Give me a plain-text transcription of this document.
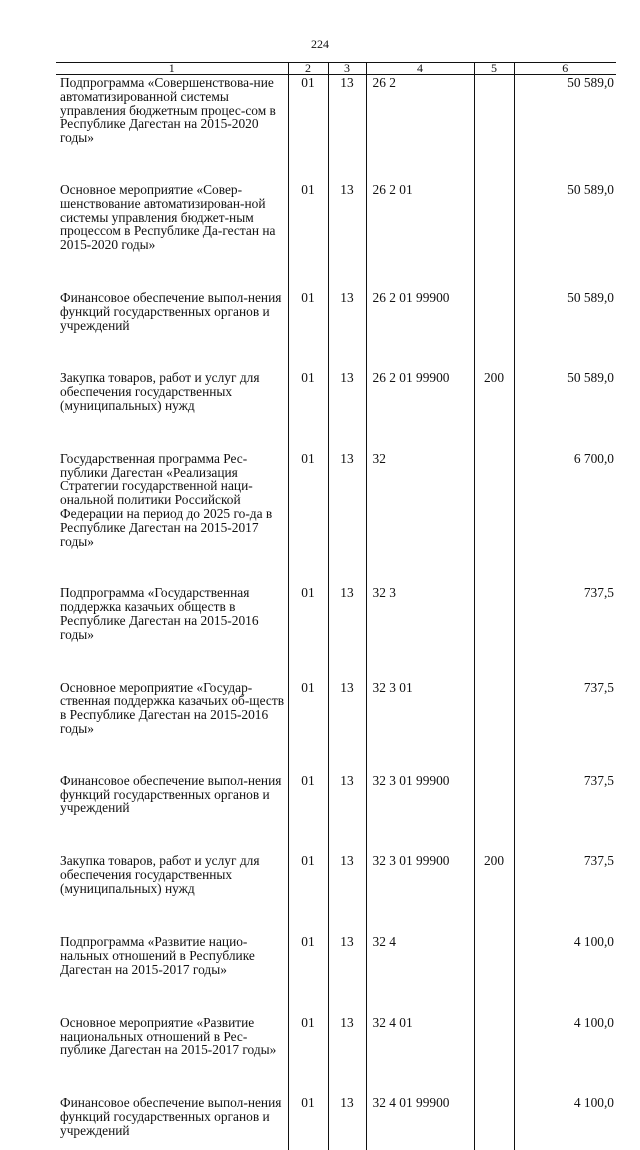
224
1	2	3	4	5	6
Подпрограмма «Совершенствова-ние автоматизированной системы управления бюджетным процес-сом в Республике Дагестан на 2015-2020 годы»	01	13	26 2		50 589,0

Основное мероприятие «Совер-шенствование автоматизирован-ной системы управления бюджет-ным процессом в Республике Да-гестан на 2015-2020 годы»	01	13	26 2 01		50 589,0

Финансовое обеспечение выпол-нения функций государственных органов и учреждений	01	13	26 2 01 99900		50 589,0

Закупка товаров, работ и услуг для обеспечения государственных (муниципальных) нужд	01	13	26 2 01 99900	200	50 589,0

Государственная программа Рес-публики Дагестан «Реализация Стратегии государственной наци-ональной политики Российской Федерации на период до 2025 го-да в Республике Дагестан на 2015-2017 годы»	01	13	32		6 700,0

Подпрограмма «Государственная поддержка казачьих обществ в Республике Дагестан на 2015-2016 годы»	01	13	32 3		737,5

Основное мероприятие «Государ-ственная поддержка казачьих об-ществ в Республике Дагестан на 2015-2016 годы»	01	13	32 3 01		737,5

Финансовое обеспечение выпол-нения функций государственных органов и учреждений	01	13	32 3 01 99900		737,5

Закупка товаров, работ и услуг для обеспечения государственных (муниципальных) нужд	01	13	32 3 01 99900	200	737,5

Подпрограмма «Развитие нацио-нальных отношений в Республике Дагестан на 2015-2017 годы»	01	13	32 4		4 100,0

Основное мероприятие «Развитие национальных отношений в Рес-публике Дагестан на 2015-2017 годы»	01	13	32 4 01		4 100,0

Финансовое обеспечение выпол-нения функций государственных органов и учреждений	01	13	32 4 01 99900		4 100,0
